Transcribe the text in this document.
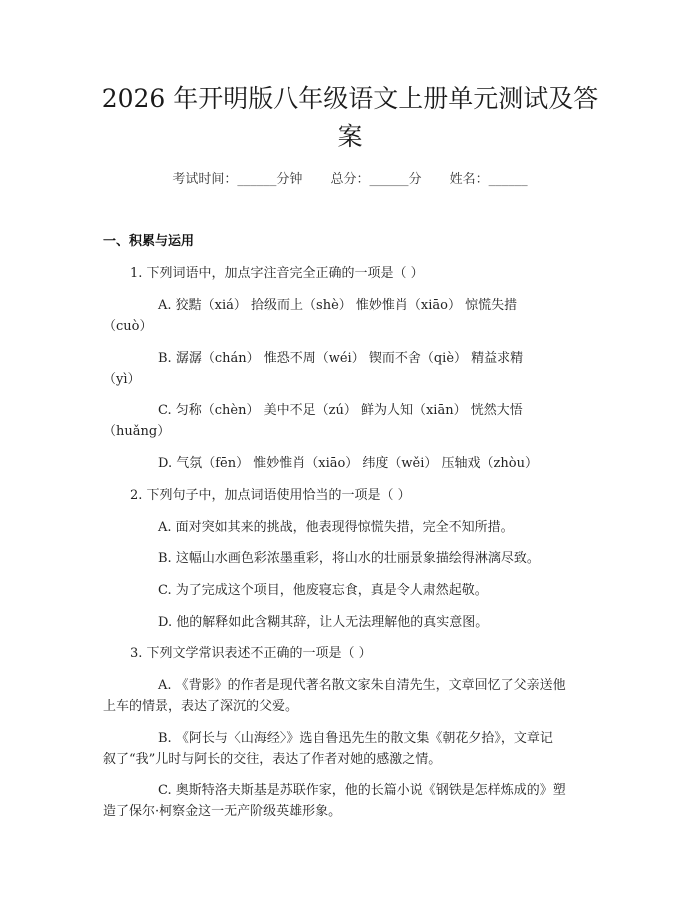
2026 年开明版八年级语文上册单元测试及答
案
考试时间：______分钟 总分：______分 姓名：______
一、积累与运用
1. 下列词语中，加点字注音完全正确的一项是（ ）
A. 狡黠（xiá） 拾级而上（shè） 惟妙惟肖（xiāo） 惊慌失措
（cuò）
B. 潺潺（chán） 惟恐不周（wéi） 锲而不舍（qiè） 精益求精
（yì）
C. 匀称（chèn） 美中不足（zú） 鲜为人知（xiān） 恍然大悟
（huǎng）
D. 气氛（fēn） 惟妙惟肖（xiāo） 纬度（wěi） 压轴戏（zhòu）
2. 下列句子中，加点词语使用恰当的一项是（ ）
A. 面对突如其来的挑战，他表现得惊慌失措，完全不知所措。
B. 这幅山水画色彩浓墨重彩，将山水的壮丽景象描绘得淋漓尽致。
C. 为了完成这个项目，他废寝忘食，真是令人肃然起敬。
D. 他的解释如此含糊其辞，让人无法理解他的真实意图。
3. 下列文学常识表述不正确的一项是（ ）
A. 《背影》的作者是现代著名散文家朱自清先生，文章回忆了父亲送他
上车的情景，表达了深沉的父爱。
B. 《阿长与〈山海经〉》选自鲁迅先生的散文集《朝花夕拾》，文章记
叙了“我”儿时与阿长的交往，表达了作者对她的感激之情。
C. 奥斯特洛夫斯基是苏联作家，他的长篇小说《钢铁是怎样炼成的》塑
造了保尔·柯察金这一无产阶级英雄形象。
